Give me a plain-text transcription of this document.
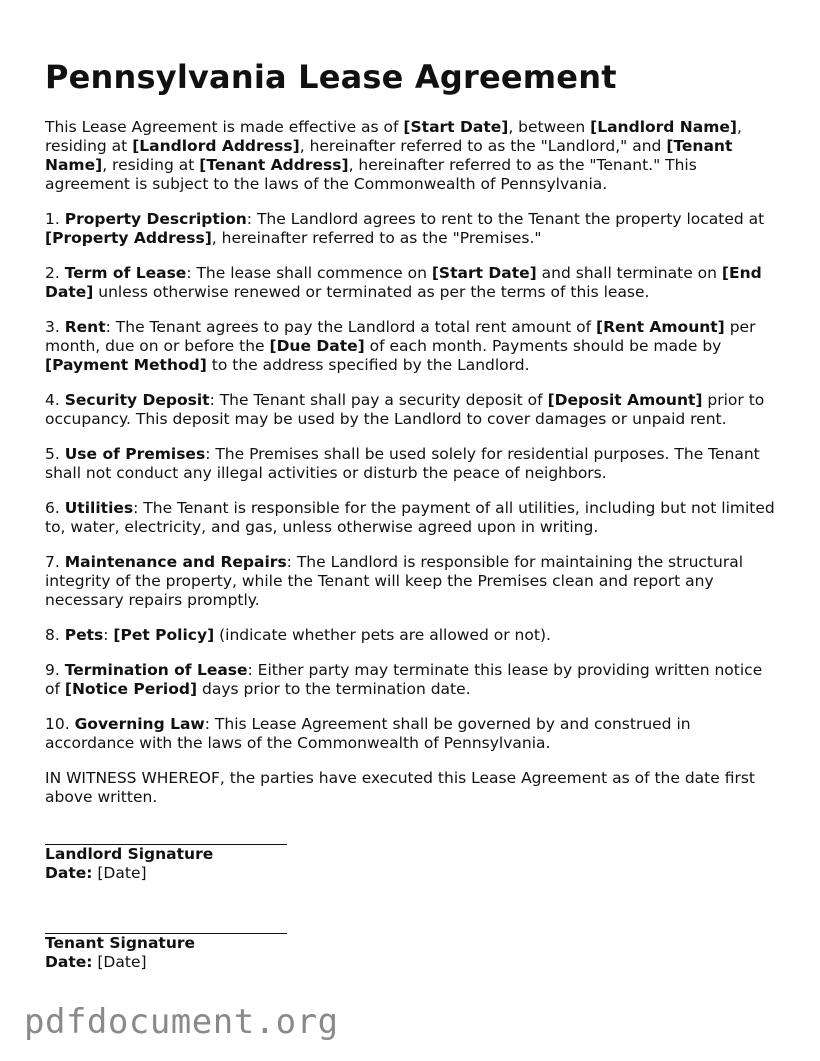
Pennsylvania Lease Agreement

This Lease Agreement is made effective as of [Start Date], between [Landlord Name], residing at [Landlord Address], hereinafter referred to as the "Landlord," and [Tenant Name], residing at [Tenant Address], hereinafter referred to as the "Tenant." This agreement is subject to the laws of the Commonwealth of Pennsylvania.

1. Property Description: The Landlord agrees to rent to the Tenant the property located at [Property Address], hereinafter referred to as the "Premises."

2. Term of Lease: The lease shall commence on [Start Date] and shall terminate on [End Date] unless otherwise renewed or terminated as per the terms of this lease.

3. Rent: The Tenant agrees to pay the Landlord a total rent amount of [Rent Amount] per month, due on or before the [Due Date] of each month. Payments should be made by [Payment Method] to the address specified by the Landlord.

4. Security Deposit: The Tenant shall pay a security deposit of [Deposit Amount] prior to occupancy. This deposit may be used by the Landlord to cover damages or unpaid rent.

5. Use of Premises: The Premises shall be used solely for residential purposes. The Tenant shall not conduct any illegal activities or disturb the peace of neighbors.

6. Utilities: The Tenant is responsible for the payment of all utilities, including but not limited to, water, electricity, and gas, unless otherwise agreed upon in writing.

7. Maintenance and Repairs: The Landlord is responsible for maintaining the structural integrity of the property, while the Tenant will keep the Premises clean and report any necessary repairs promptly.

8. Pets: [Pet Policy] (indicate whether pets are allowed or not).

9. Termination of Lease: Either party may terminate this lease by providing written notice of [Notice Period] days prior to the termination date.

10. Governing Law: This Lease Agreement shall be governed by and construed in accordance with the laws of the Commonwealth of Pennsylvania.

IN WITNESS WHEREOF, the parties have executed this Lease Agreement as of the date first above written.

Landlord Signature
Date: [Date]
Tenant Signature
Date: [Date]
pdfdocument.org
